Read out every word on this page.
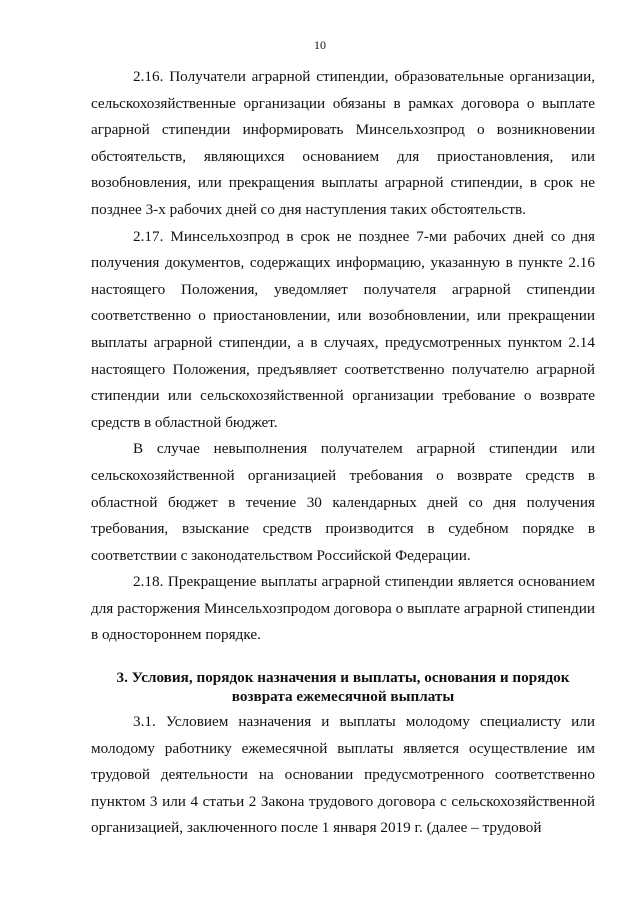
10

2.16. Получатели аграрной стипендии, образовательные организации, сельскохозяйственные организации обязаны в рамках договора о выплате аграрной стипендии информировать Минсельхозпрод о возникновении обстоятельств, являющихся основанием для приостановления, или возобновления, или прекращения выплаты аграрной стипендии, в срок не позднее 3-х рабочих дней со дня наступления таких обстоятельств.

2.17. Минсельхозпрод в срок не позднее 7-ми рабочих дней со дня получения документов, содержащих информацию, указанную в пункте 2.16 настоящего Положения, уведомляет получателя аграрной стипендии соответственно о приостановлении, или возобновлении, или прекращении выплаты аграрной стипендии, а в случаях, предусмотренных пунктом 2.14 настоящего Положения, предъявляет соответственно получателю аграрной стипендии или сельскохозяйственной организации требование о возврате средств в областной бюджет.

В случае невыполнения получателем аграрной стипендии или сельскохозяйственной организацией требования о возврате средств в областной бюджет в течение 30 календарных дней со дня получения требования, взыскание средств производится в судебном порядке в соответствии с законодательством Российской Федерации.

2.18. Прекращение выплаты аграрной стипендии является основанием для расторжения Минсельхозпродом договора о выплате аграрной стипендии в одностороннем порядке.

3. Условия, порядок назначения и выплаты, основания и порядок
возврата ежемесячной выплаты

3.1. Условием назначения и выплаты молодому специалисту или молодому работнику ежемесячной выплаты является осуществление им трудовой деятельности на основании предусмотренного соответственно пунктом 3 или 4 статьи 2 Закона трудового договора с сельскохозяйственной организацией, заключенного после 1 января 2019 г. (далее – трудовой
